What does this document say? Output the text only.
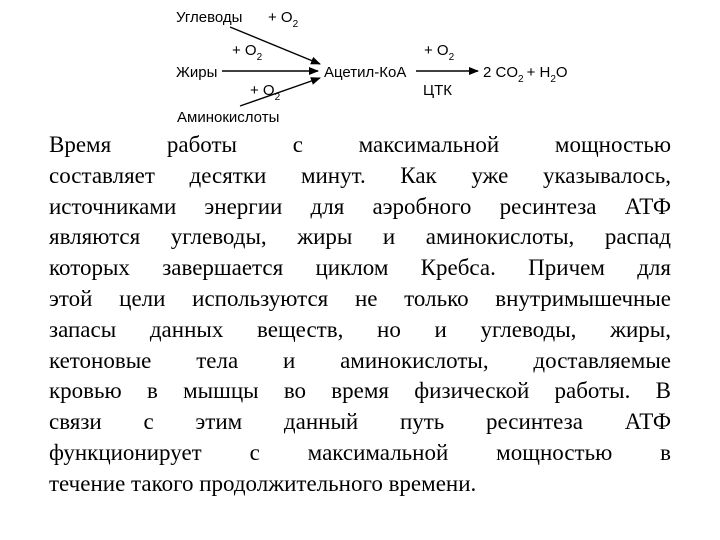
Углеводы + $O_2$
+ $O_2$
Жиры
+ $O_2$
Аминокислоты
Ацетил-КоА
+ $O_2$
ЦТК
2 $CO_2 + H_2O$

Время работы с максимальной мощностью
составляет десятки минут. Как уже указывалось,
источниками энергии для аэробного ресинтеза АТФ
являются углеводы, жиры и аминокислоты, распад
которых завершается циклом Кребса. Причем для
этой цели используются не только внутримышечные
запасы данных веществ, но и углеводы, жиры,
кетоновые тела и аминокислоты, доставляемые
кровью в мышцы во время физической работы. В
связи с этим данный путь ресинтеза АТФ
функционирует с максимальной мощностью в
течение такого продолжительного времени.
